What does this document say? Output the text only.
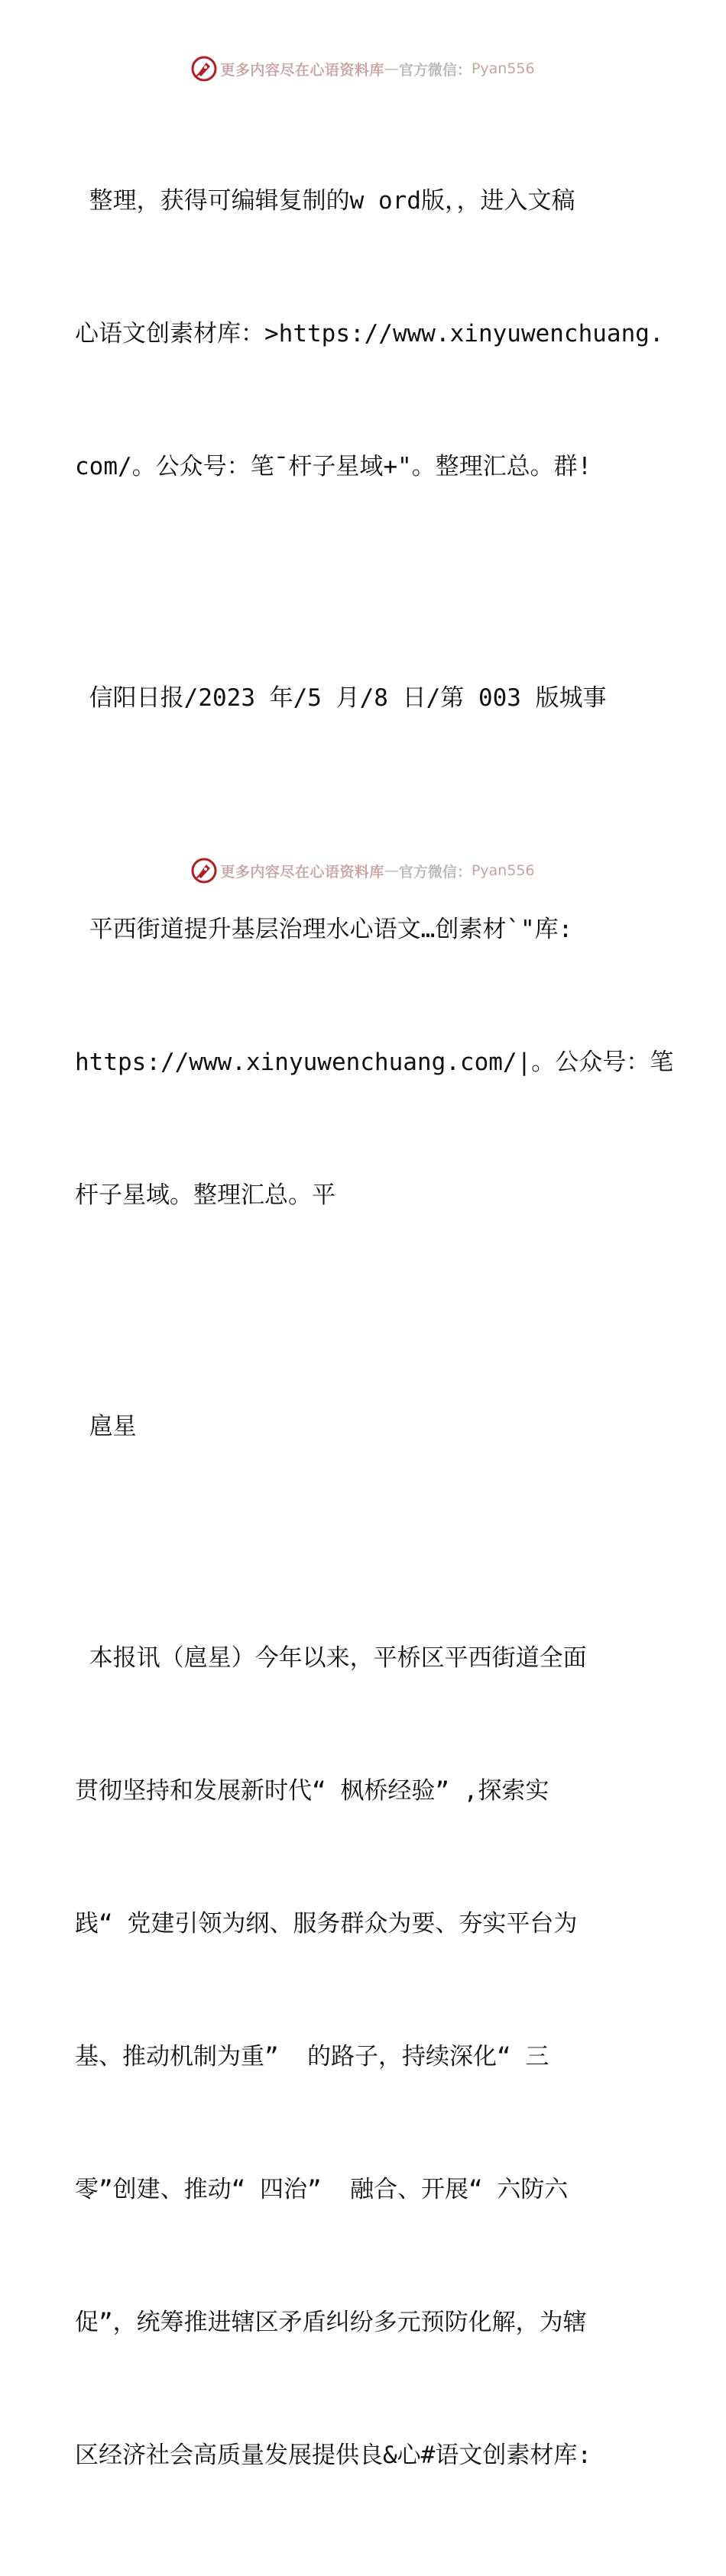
更多内容尽在心语资料库 — 官方微信： Pyan556

整理，获得可编辑复制的w ord版，，进入文稿

心语文创素材库：>https://www.xinyuwenchuang.

com/。公众号：笔¯杆子星域+"。整理汇总。群!

信阳日报/2023 年/5 月/8 日/第 003 版城事

平西街道提升基层治理水心语文…创素材`"库:

https://www.xinyuwenchuang.com/|。公众号：笔

杆子星域。整理汇总。平

扈星

本报讯（扈星）今年以来，平桥区平西街道全面

贯彻坚持和发展新时代“ 枫桥经验” ,探索实

践“ 党建引领为纲、服务群众为要、夯实平台为

基、推动机制为重”  的路子，持续深化“ 三

零”创建、推动“ 四治”  融合、开展“ 六防六

促”，统筹推进辖区矛盾纠纷多元预防化解，为辖

区经济社会高质量发展提供良&心#语文创素材库:

更多内容尽在心语资料库 — 官方微信： Pyan556
